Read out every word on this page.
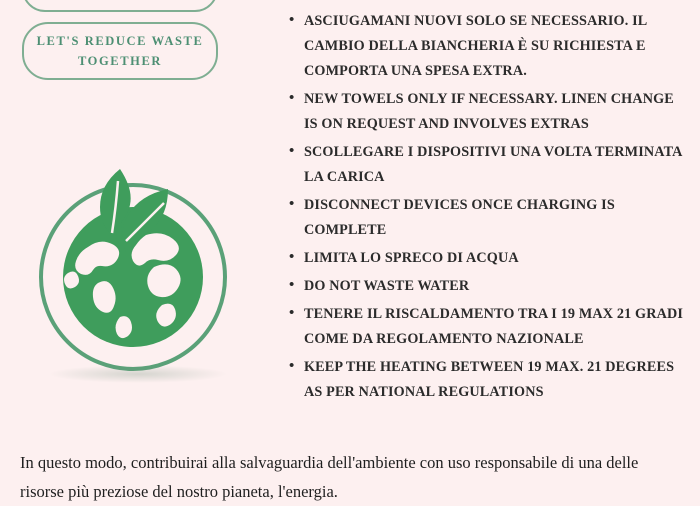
LET'S REDUCE WASTE TOGETHER
• ASCIUGAMANI NUOVI SOLO SE NECESSARIO. IL CAMBIO DELLA BIANCHERIA È SU RICHIESTA E COMPORTA UNA SPESA EXTRA.
• NEW TOWELS ONLY IF NECESSARY. LINEN CHANGE IS ON REQUEST AND INVOLVES EXTRAS
• SCOLLEGARE I DISPOSITIVI UNA VOLTA TERMINATA LA CARICA
• DISCONNECT DEVICES ONCE CHARGING IS COMPLETE
• LIMITA LO SPRECO DI ACQUA
• DO NOT WASTE WATER
• TENERE IL RISCALDAMENTO TRA I 19 MAX 21 GRADI COME DA REGOLAMENTO NAZIONALE
• KEEP THE HEATING BETWEEN 19 MAX. 21 DEGREES AS PER NATIONAL REGULATIONS
In questo modo, contribuirai alla salvaguardia dell'ambiente con uso responsabile di una delle risorse più preziose del nostro pianeta, l'energia.
